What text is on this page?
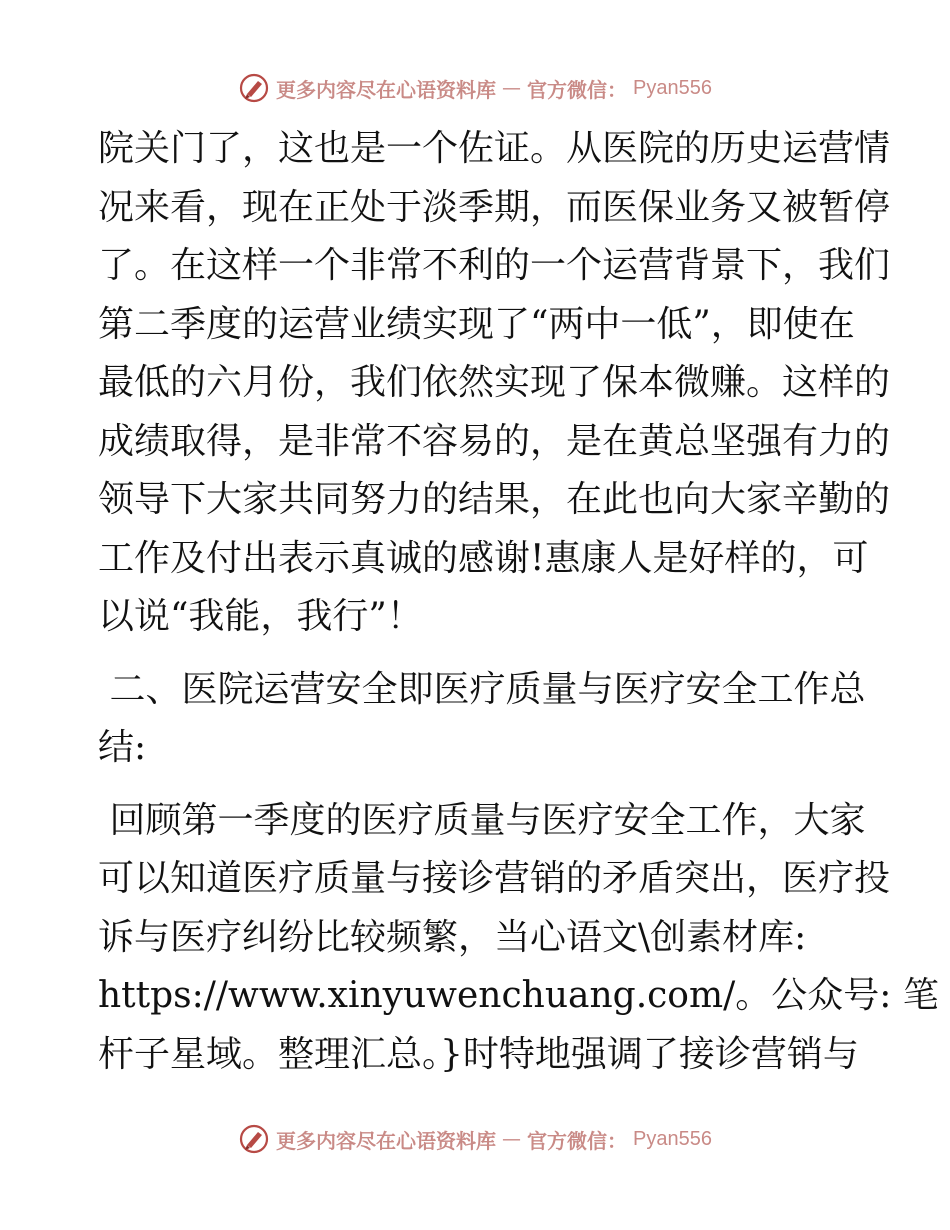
更多内容尽在心语资料库 — 官方微信： Pyan556
院关门了，这也是一个佐证。从医院的历史运营情
况来看，现在正处于淡季期，而医保业务又被暂停
了。在这样一个非常不利的一个运营背景下，我们
第二季度的运营业绩实现了“两中一低”，即使在
最低的六月份，我们依然实现了保本微赚。这样的
成绩取得，是非常不容易的，是在黄总坚强有力的
领导下大家共同努力的结果，在此也向大家辛勤的
工作及付出表示真诚的感谢!惠康人是好样的，可
以说“我能，我行”！
二、医院运营安全即医疗质量与医疗安全工作总
结:
回顾第一季度的医疗质量与医疗安全工作，大家
可以知道医疗质量与接诊营销的矛盾突出，医疗投
诉与医疗纠纷比较频繁，当心语文\创素材库:
https://www.xinyuwenchuang.com/。公众号: 笔
杆子星域。整理汇总。}时特地强调了接诊营销与
更多内容尽在心语资料库 — 官方微信： Pyan556
